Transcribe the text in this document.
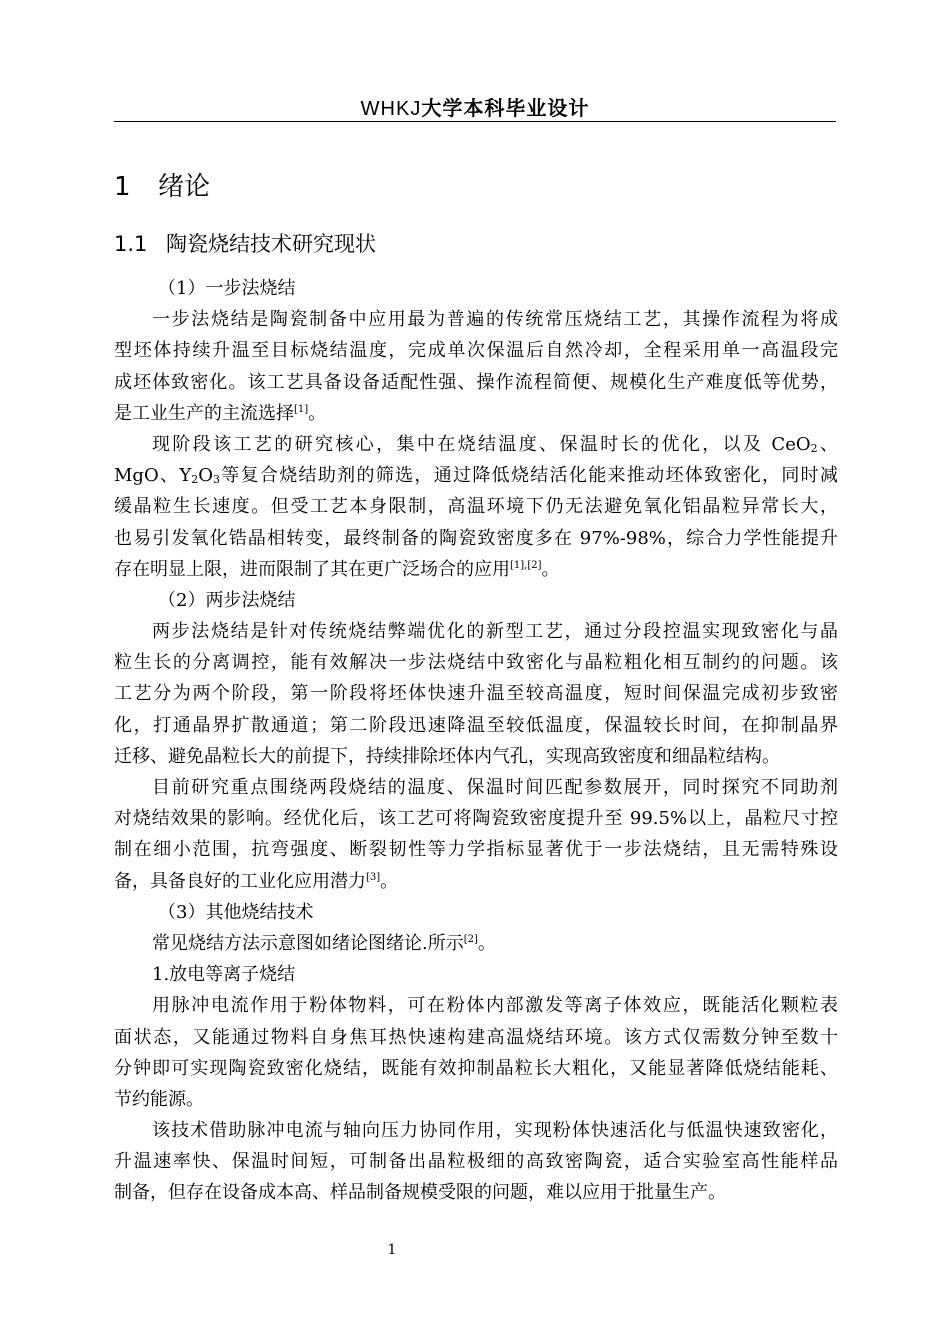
WHKJ大学本科毕业设计
1 绪论
1.1 陶瓷烧结技术研究现状
（1）一步法烧结
一步法烧结是陶瓷制备中应用最为普遍的传统常压烧结工艺，其操作流程为将成
型坯体持续升温至目标烧结温度，完成单次保温后自然冷却，全程采用单一高温段完
成坯体致密化。该工艺具备设备适配性强、操作流程简便、规模化生产难度低等优势，
是工业生产的主流选择[1]。
现阶段该工艺的研究核心，集中在烧结温度、保温时长的优化，以及 CeO$_2$、
MgO、$Y_2O_3$等复合烧结助剂的筛选，通过降低烧结活化能来推动坯体致密化，同时减
缓晶粒生长速度。但受工艺本身限制，高温环境下仍无法避免氧化铝晶粒异常长大，
也易引发氧化锆晶相转变，最终制备的陶瓷致密度多在 97%-98%，综合力学性能提升
存在明显上限，进而限制了其在更广泛场合的应用[1],[2]。
（2）两步法烧结
两步法烧结是针对传统烧结弊端优化的新型工艺，通过分段控温实现致密化与晶
粒生长的分离调控，能有效解决一步法烧结中致密化与晶粒粗化相互制约的问题。该
工艺分为两个阶段，第一阶段将坯体快速升温至较高温度，短时间保温完成初步致密
化，打通晶界扩散通道；第二阶段迅速降温至较低温度，保温较长时间，在抑制晶界
迁移、避免晶粒长大的前提下，持续排除坯体内气孔，实现高致密度和细晶粒结构。
目前研究重点围绕两段烧结的温度、保温时间匹配参数展开，同时探究不同助剂
对烧结效果的影响。经优化后，该工艺可将陶瓷致密度提升至 99.5%以上，晶粒尺寸控
制在细小范围，抗弯强度、断裂韧性等力学指标显著优于一步法烧结，且无需特殊设
备，具备良好的工业化应用潜力[3]。
（3）其他烧结技术
常见烧结方法示意图如绪论图绪论.所示[2]。
1.放电等离子烧结
用脉冲电流作用于粉体物料，可在粉体内部激发等离子体效应，既能活化颗粒表
面状态，又能通过物料自身焦耳热快速构建高温烧结环境。该方式仅需数分钟至数十
分钟即可实现陶瓷致密化烧结，既能有效抑制晶粒长大粗化，又能显著降低烧结能耗、
节约能源。
该技术借助脉冲电流与轴向压力协同作用，实现粉体快速活化与低温快速致密化，
升温速率快、保温时间短，可制备出晶粒极细的高致密陶瓷，适合实验室高性能样品
制备，但存在设备成本高、样品制备规模受限的问题，难以应用于批量生产。
1
